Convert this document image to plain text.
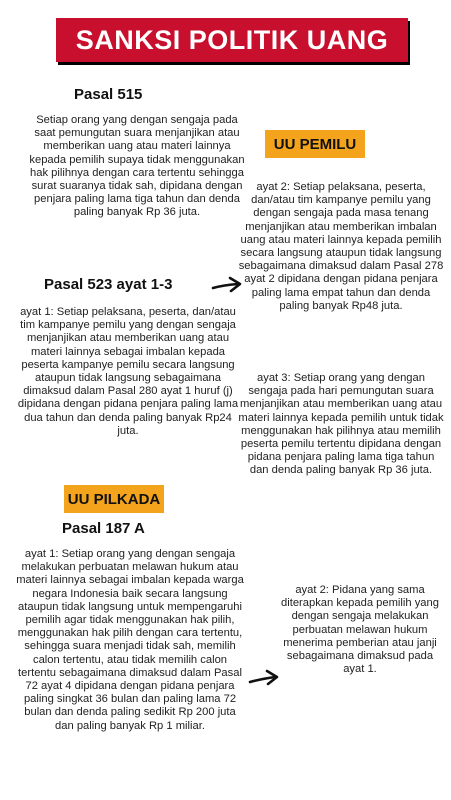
SANKSI POLITIK UANG
Pasal 515
Setiap orang yang dengan sengaja pada saat pemungutan suara menjanjikan atau memberikan uang atau materi lainnya kepada pemilih supaya tidak menggunakan hak pilihnya dengan cara tertentu sehingga surat suaranya tidak sah, dipidana dengan penjara paling lama tiga tahun dan denda paling banyak Rp 36 juta.
UU PEMILU
ayat 2: Setiap pelaksana, peserta, dan/atau tim kampanye pemilu yang dengan sengaja pada masa tenang menjanjikan atau memberikan imbalan uang atau materi lainnya kepada pemilih secara langsung ataupun tidak langsung sebagaimana dimaksud dalam Pasal 278 ayat 2 dipidana dengan pidana penjara paling lama empat tahun dan denda paling banyak Rp48 juta.
Pasal 523 ayat 1-3
ayat 1: Setiap pelaksana, peserta, dan/atau tim kampanye pemilu yang dengan sengaja menjanjikan atau memberikan uang atau materi lainnya sebagai imbalan kepada peserta kampanye pemilu secara langsung ataupun tidak langsung sebagaimana dimaksud dalam Pasal 280 ayat 1 huruf (j) dipidana dengan pidana penjara paling lama dua tahun dan denda paling banyak Rp24 juta.
ayat 3: Setiap orang yang dengan sengaja pada hari pemungutan suara menjanjikan atau memberikan uang atau materi lainnya kepada pemilih untuk tidak menggunakan hak pilihnya atau memilih peserta pemilu tertentu dipidana dengan pidana penjara paling lama tiga tahun dan denda paling banyak Rp 36 juta.
UU PILKADA
Pasal 187 A
ayat 1: Setiap orang yang dengan sengaja melakukan perbuatan melawan hukum atau materi lainnya sebagai imbalan kepada warga negara Indonesia baik secara langsung ataupun tidak langsung untuk mempengaruhi pemilih agar tidak menggunakan hak pilih, menggunakan hak pilih dengan cara tertentu, sehingga suara menjadi tidak sah, memilih calon tertentu, atau tidak memilih calon tertentu sebagaimana dimaksud dalam Pasal 72 ayat 4 dipidana dengan pidana penjara paling singkat 36 bulan dan paling lama 72 bulan dan denda paling sedikit Rp 200 juta dan paling banyak Rp 1 miliar.
ayat 2: Pidana yang sama diterapkan kepada pemilih yang dengan sengaja melakukan perbuatan melawan hukum menerima pemberian atau janji sebagaimana dimaksud pada ayat 1.
